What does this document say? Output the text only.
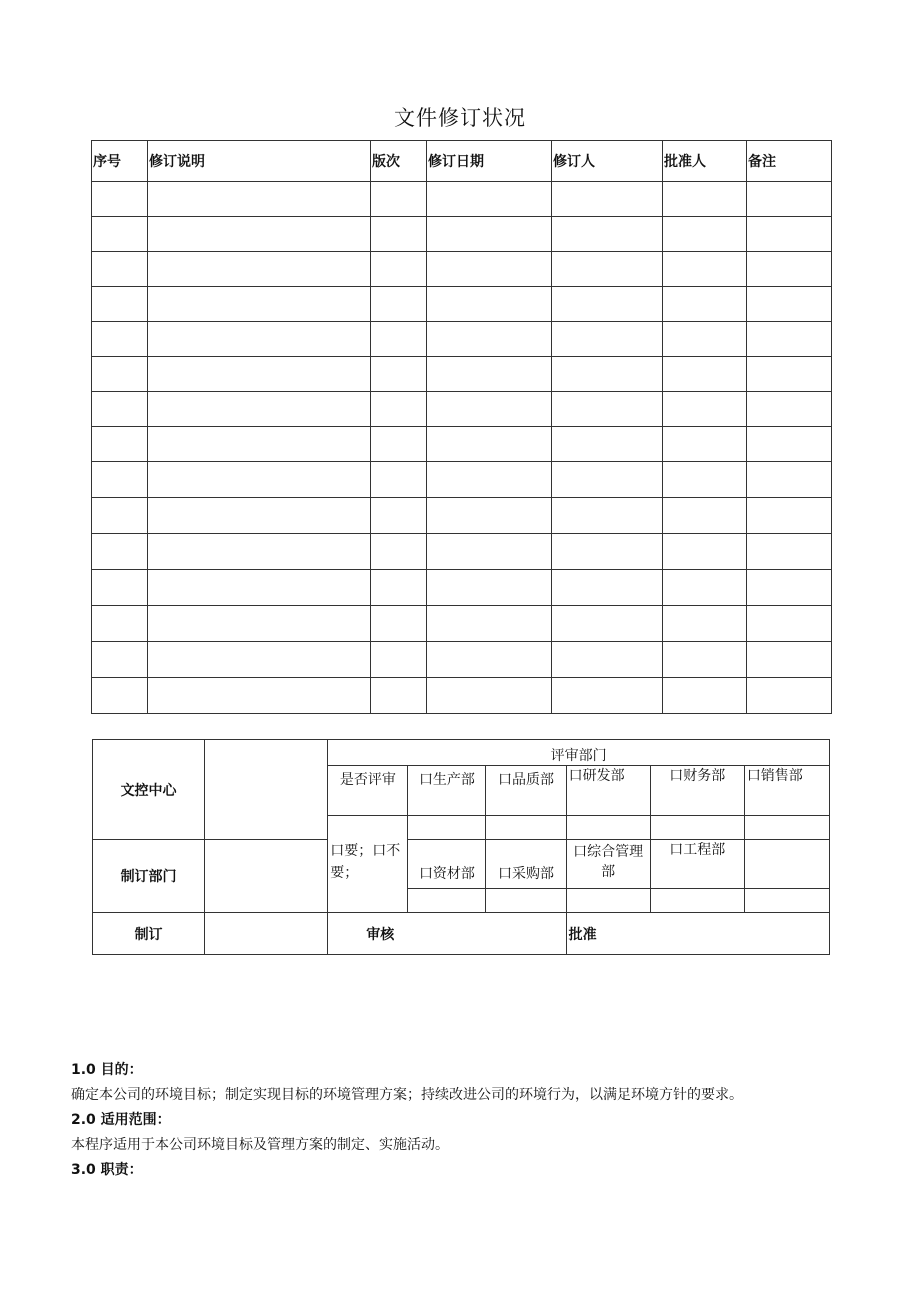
文件修订状况
序号	修订说明	版次	修订日期	修订人	批准人	备注

文控中心		评审部门					
		是否评审	口生产部	口品质部	口研发部	口财务部	口销售部
		口要；口不要；					
制订部门			口资材部	口采购部	口综合管理部	口工程部	

制订		审核			批准		
1.0 目的：
确定本公司的环境目标；制定实现目标的环境管理方案；持续改进公司的环境行为，以满足环境方针的要求。
2.0 适用范围：
本程序适用于本公司环境目标及管理方案的制定、实施活动。
3.0 职责：
